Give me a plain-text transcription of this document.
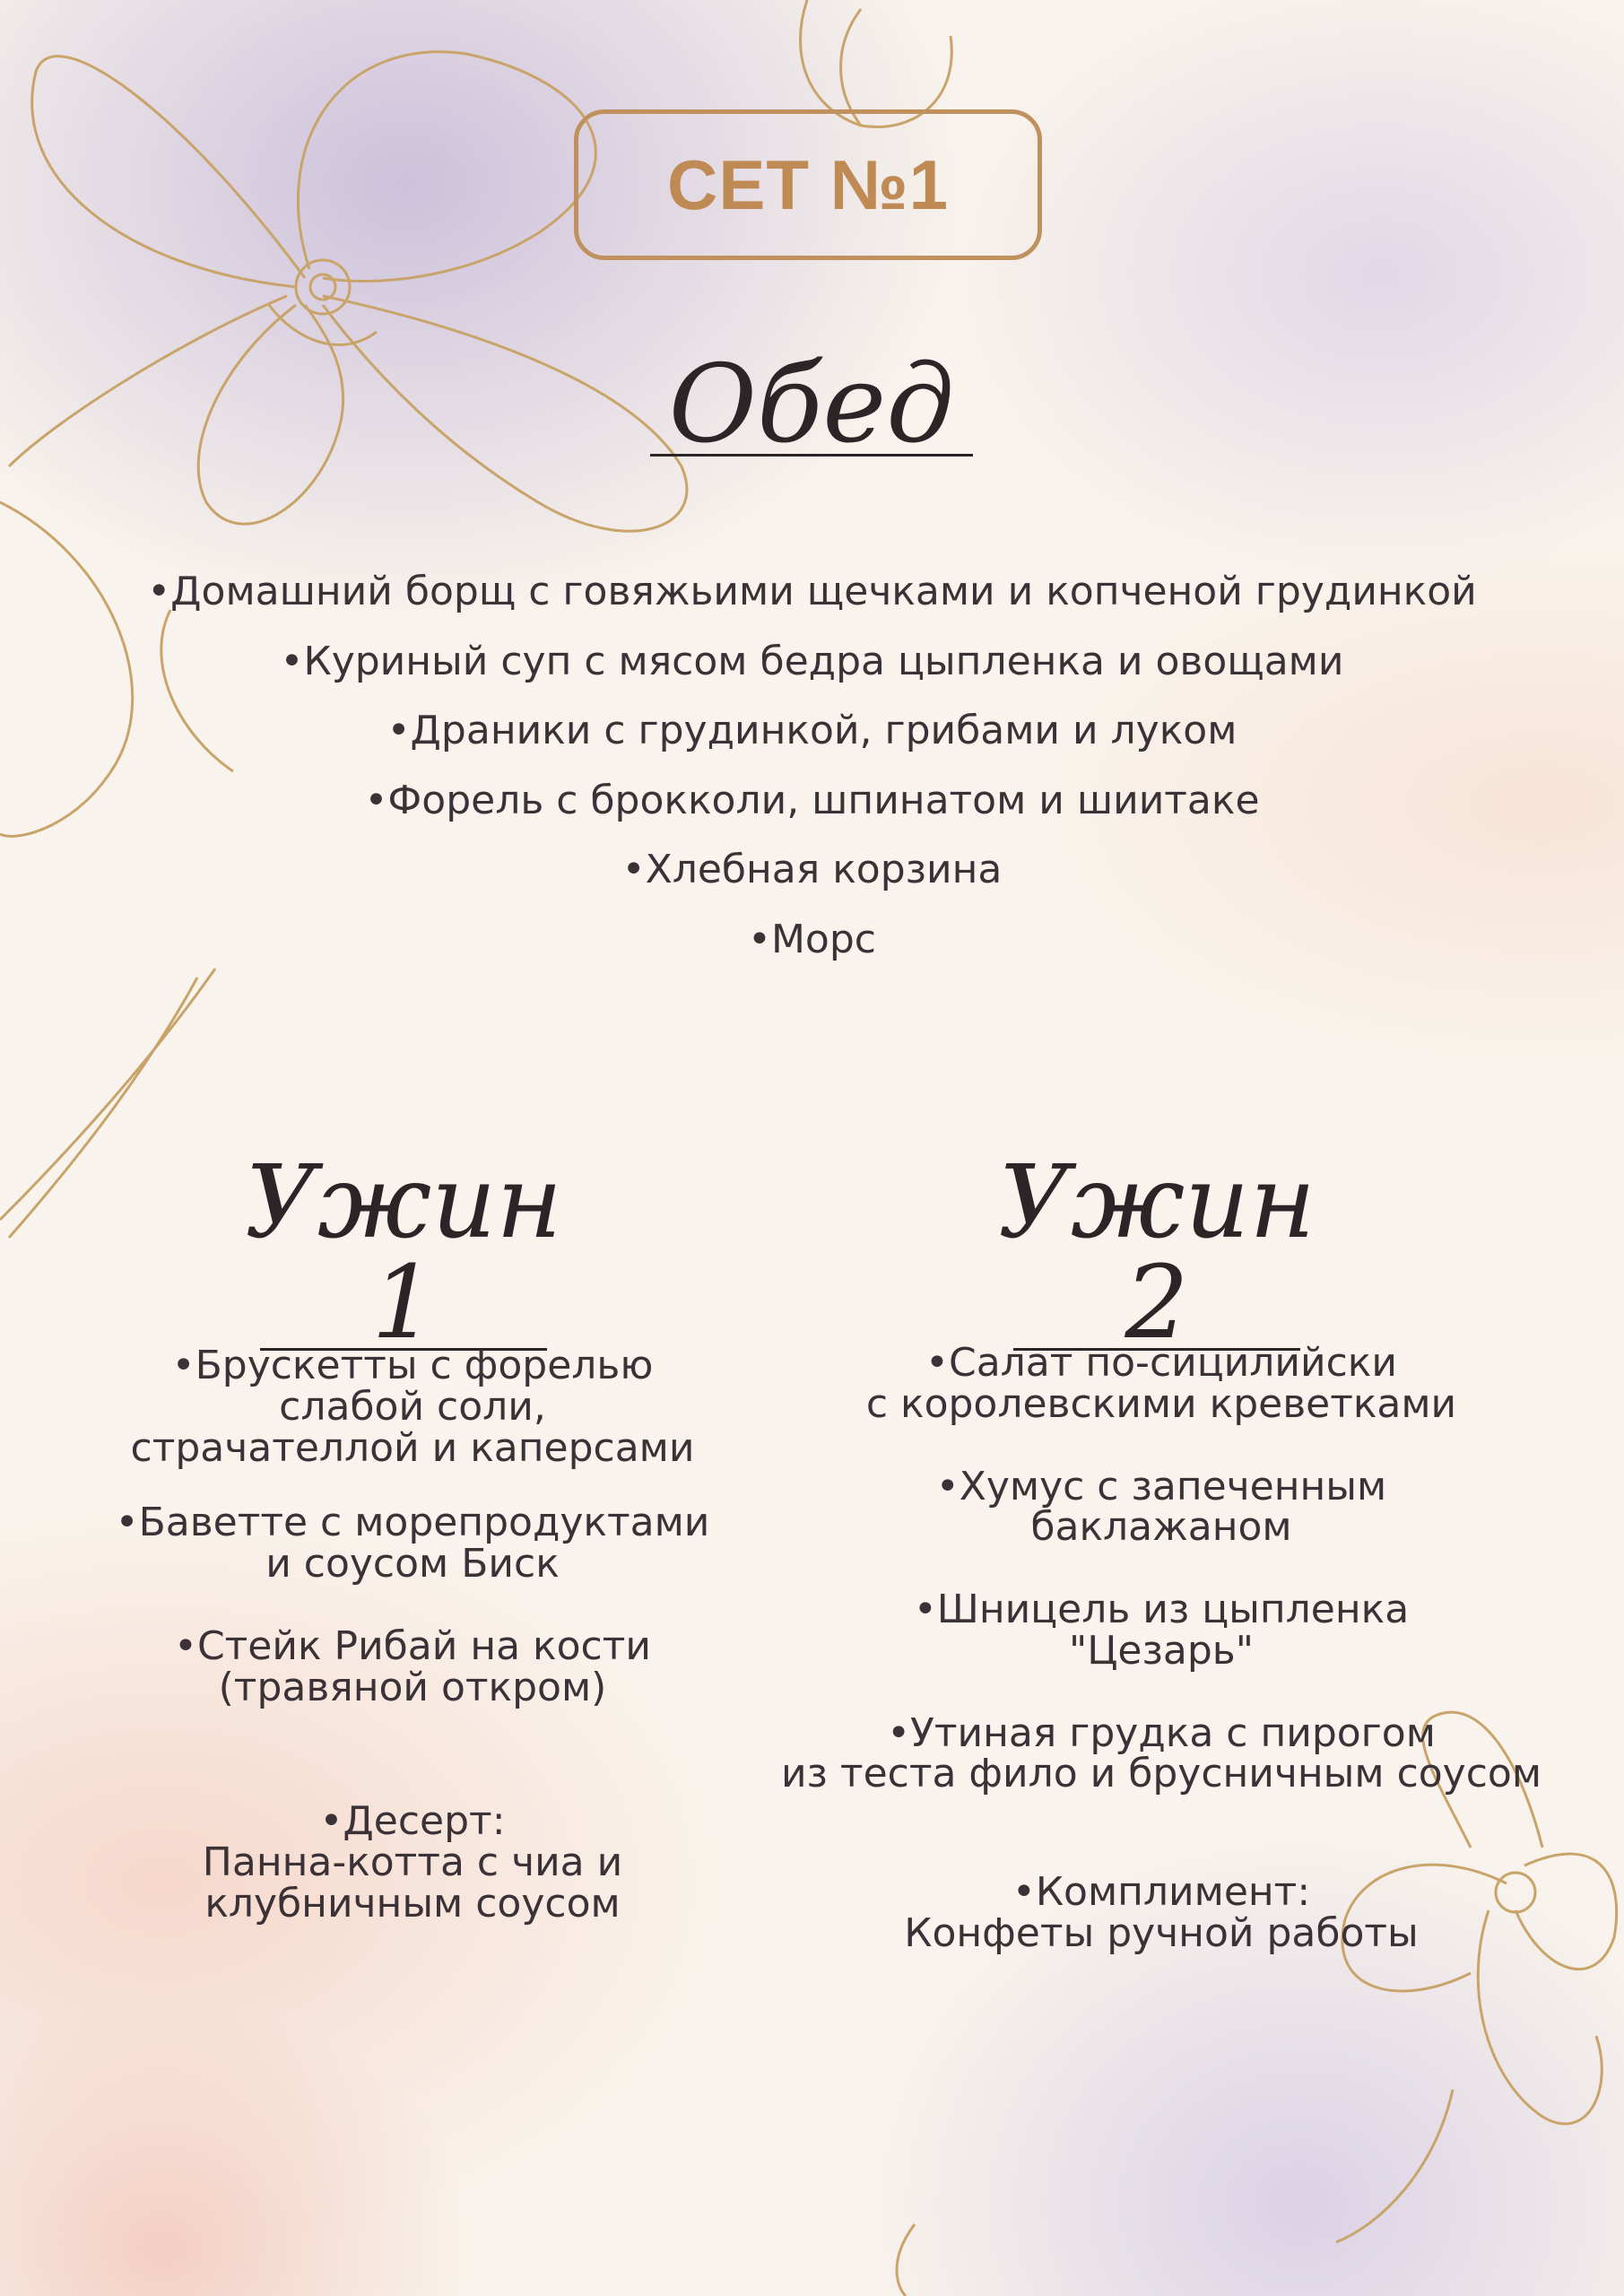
СЕТ №1
Обед
•Домашний борщ с говяжьими щечками и копченой грудинкой
•Куриный суп с мясом бедра цыпленка и овощами
•Драники с грудинкой, грибами и луком
•Форель с брокколи, шпинатом и шиитаке
•Хлебная корзина
•Морс
Ужин 1
•Брускетты с форелью
слабой соли,
страчателлой и каперсами
•Баветте с морепродуктами
и соусом Биск
•Стейк Рибай на кости
(травяной откром)
•Десерт:
Панна-котта с чиа и
клубничным соусом
Ужин 2
•Салат по-сицилийски
с королевскими креветками
•Хумус с запеченным
баклажаном
•Шницель из цыпленка
"Цезарь"
•Утиная грудка с пирогом
из теста фило и брусничным соусом
•Комплимент:
Конфеты ручной работы
